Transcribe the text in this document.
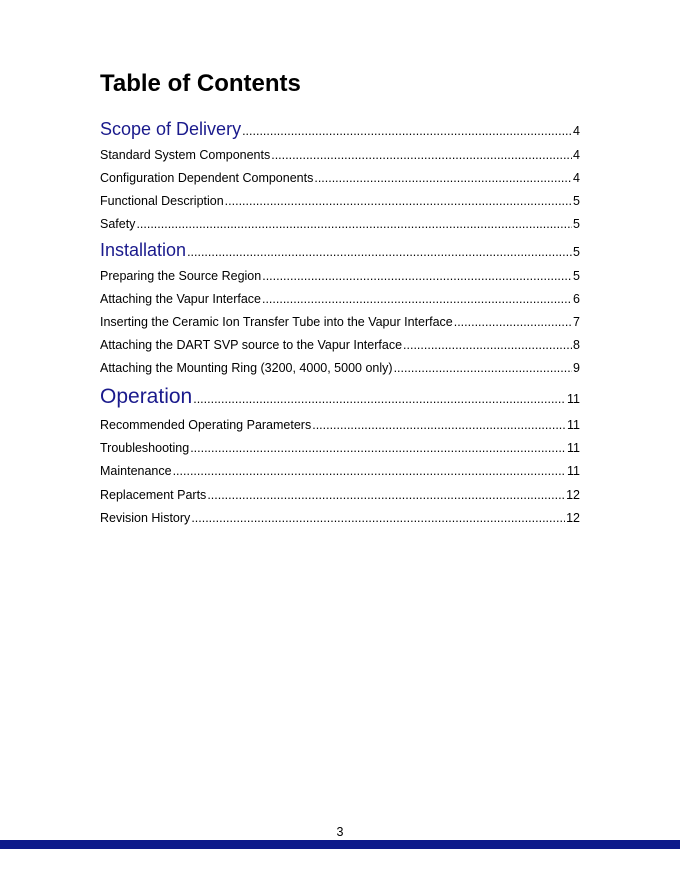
Table of Contents
Scope of Delivery .....	4
Standard System Components .....	4
Configuration Dependent Components .....	4
Functional Description .....	5
Safety .....	5
Installation .....	5
Preparing the Source Region .....	5
Attaching the Vapur Interface .....	6
Inserting the Ceramic Ion Transfer Tube into the Vapur Interface .....	7
Attaching the DART SVP source to the Vapur Interface .....	8
Attaching the Mounting Ring (3200, 4000, 5000 only) .....	9
Operation .....	11
Recommended Operating Parameters .....	11
Troubleshooting .....	11
Maintenance .....	11
Replacement Parts .....	12
Revision History .....	12
3
